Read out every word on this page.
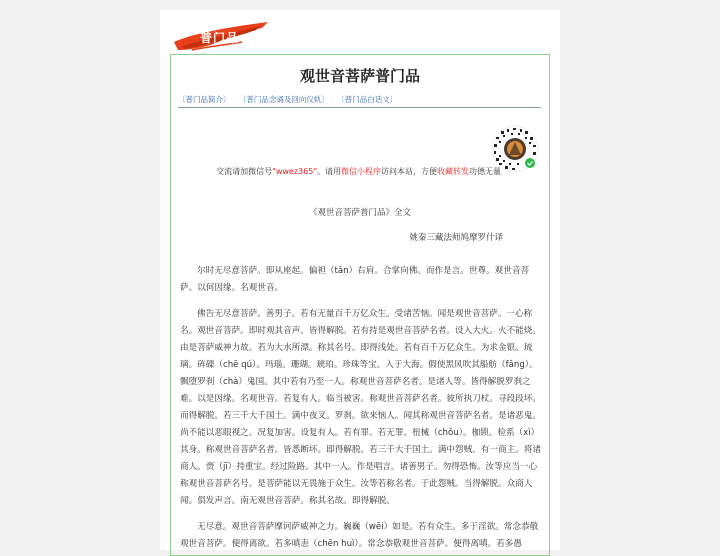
普门品
观世音菩萨普门品
〔普门品简介〕 〔普门品念诵及回向仪轨〕 〔普门品白话文〕
交流请加微信号"wwez365"。请用微信小程序访问本站，方便收藏转发功德无量
《观世音菩萨普门品》全文
姚秦三藏法师鸠摩罗什译

尔时无尽意菩萨。即从座起。偏袒（tǎn）右肩。合掌向佛。而作是言。世尊。观世音菩萨。以何因缘。名观世音。

佛告无尽意菩萨。善男子。若有无量百千万亿众生。受诸苦恼。闻是观世音菩萨。一心称名。观世音菩萨。即时观其音声。皆得解脱。若有持是观世音菩萨名者。设入大火。火不能烧。由是菩萨威神力故。若为大水所漂。称其名号。即得浅处。若有百千万亿众生。为求金银。琉璃。砗磲（chē qú）。玛瑙。珊瑚。琥珀。珍珠等宝。入于大海。假使黑风吹其船舫（fǎng）。飘堕罗刹（chà）鬼国。其中若有乃至一人。称观世音菩萨名者。是诸人等。皆得解脱罗刹之难。以是因缘。名观世音。若复有人。临当被害。称观世音菩萨名者。彼所执刀杖。寻段段坏。而得解脱。若三千大千国土。满中夜叉。罗刹。欲来恼人。闻其称观世音菩萨名者。是诸恶鬼。尚不能以恶眼视之。况复加害。设复有人。若有罪。若无罪。杻械（chǒu）。枷锁。检系（xì）其身。称观世音菩萨名者。皆悉断坏。即得解脱。若三千大千国土。满中怨贼。有一商主。将诸商人。赍（jī）持重宝。经过险路。其中一人。作是唱言。诸善男子。勿得恐怖。汝等应当一心称观世音菩萨名号。是菩萨能以无畏施于众生。汝等若称名者。于此怨贼。当得解脱。众商人闻。俱发声言。南无观世音菩萨。称其名故。即得解脱。

无尽意。观世音菩萨摩诃萨威神之力。巍巍（wēi）如是。若有众生。多于淫欲。常念恭敬观世音菩萨。便得离欲。若多嗔恚（chēn huì）。常念恭敬观世音菩萨。便得离嗔。若多愚
